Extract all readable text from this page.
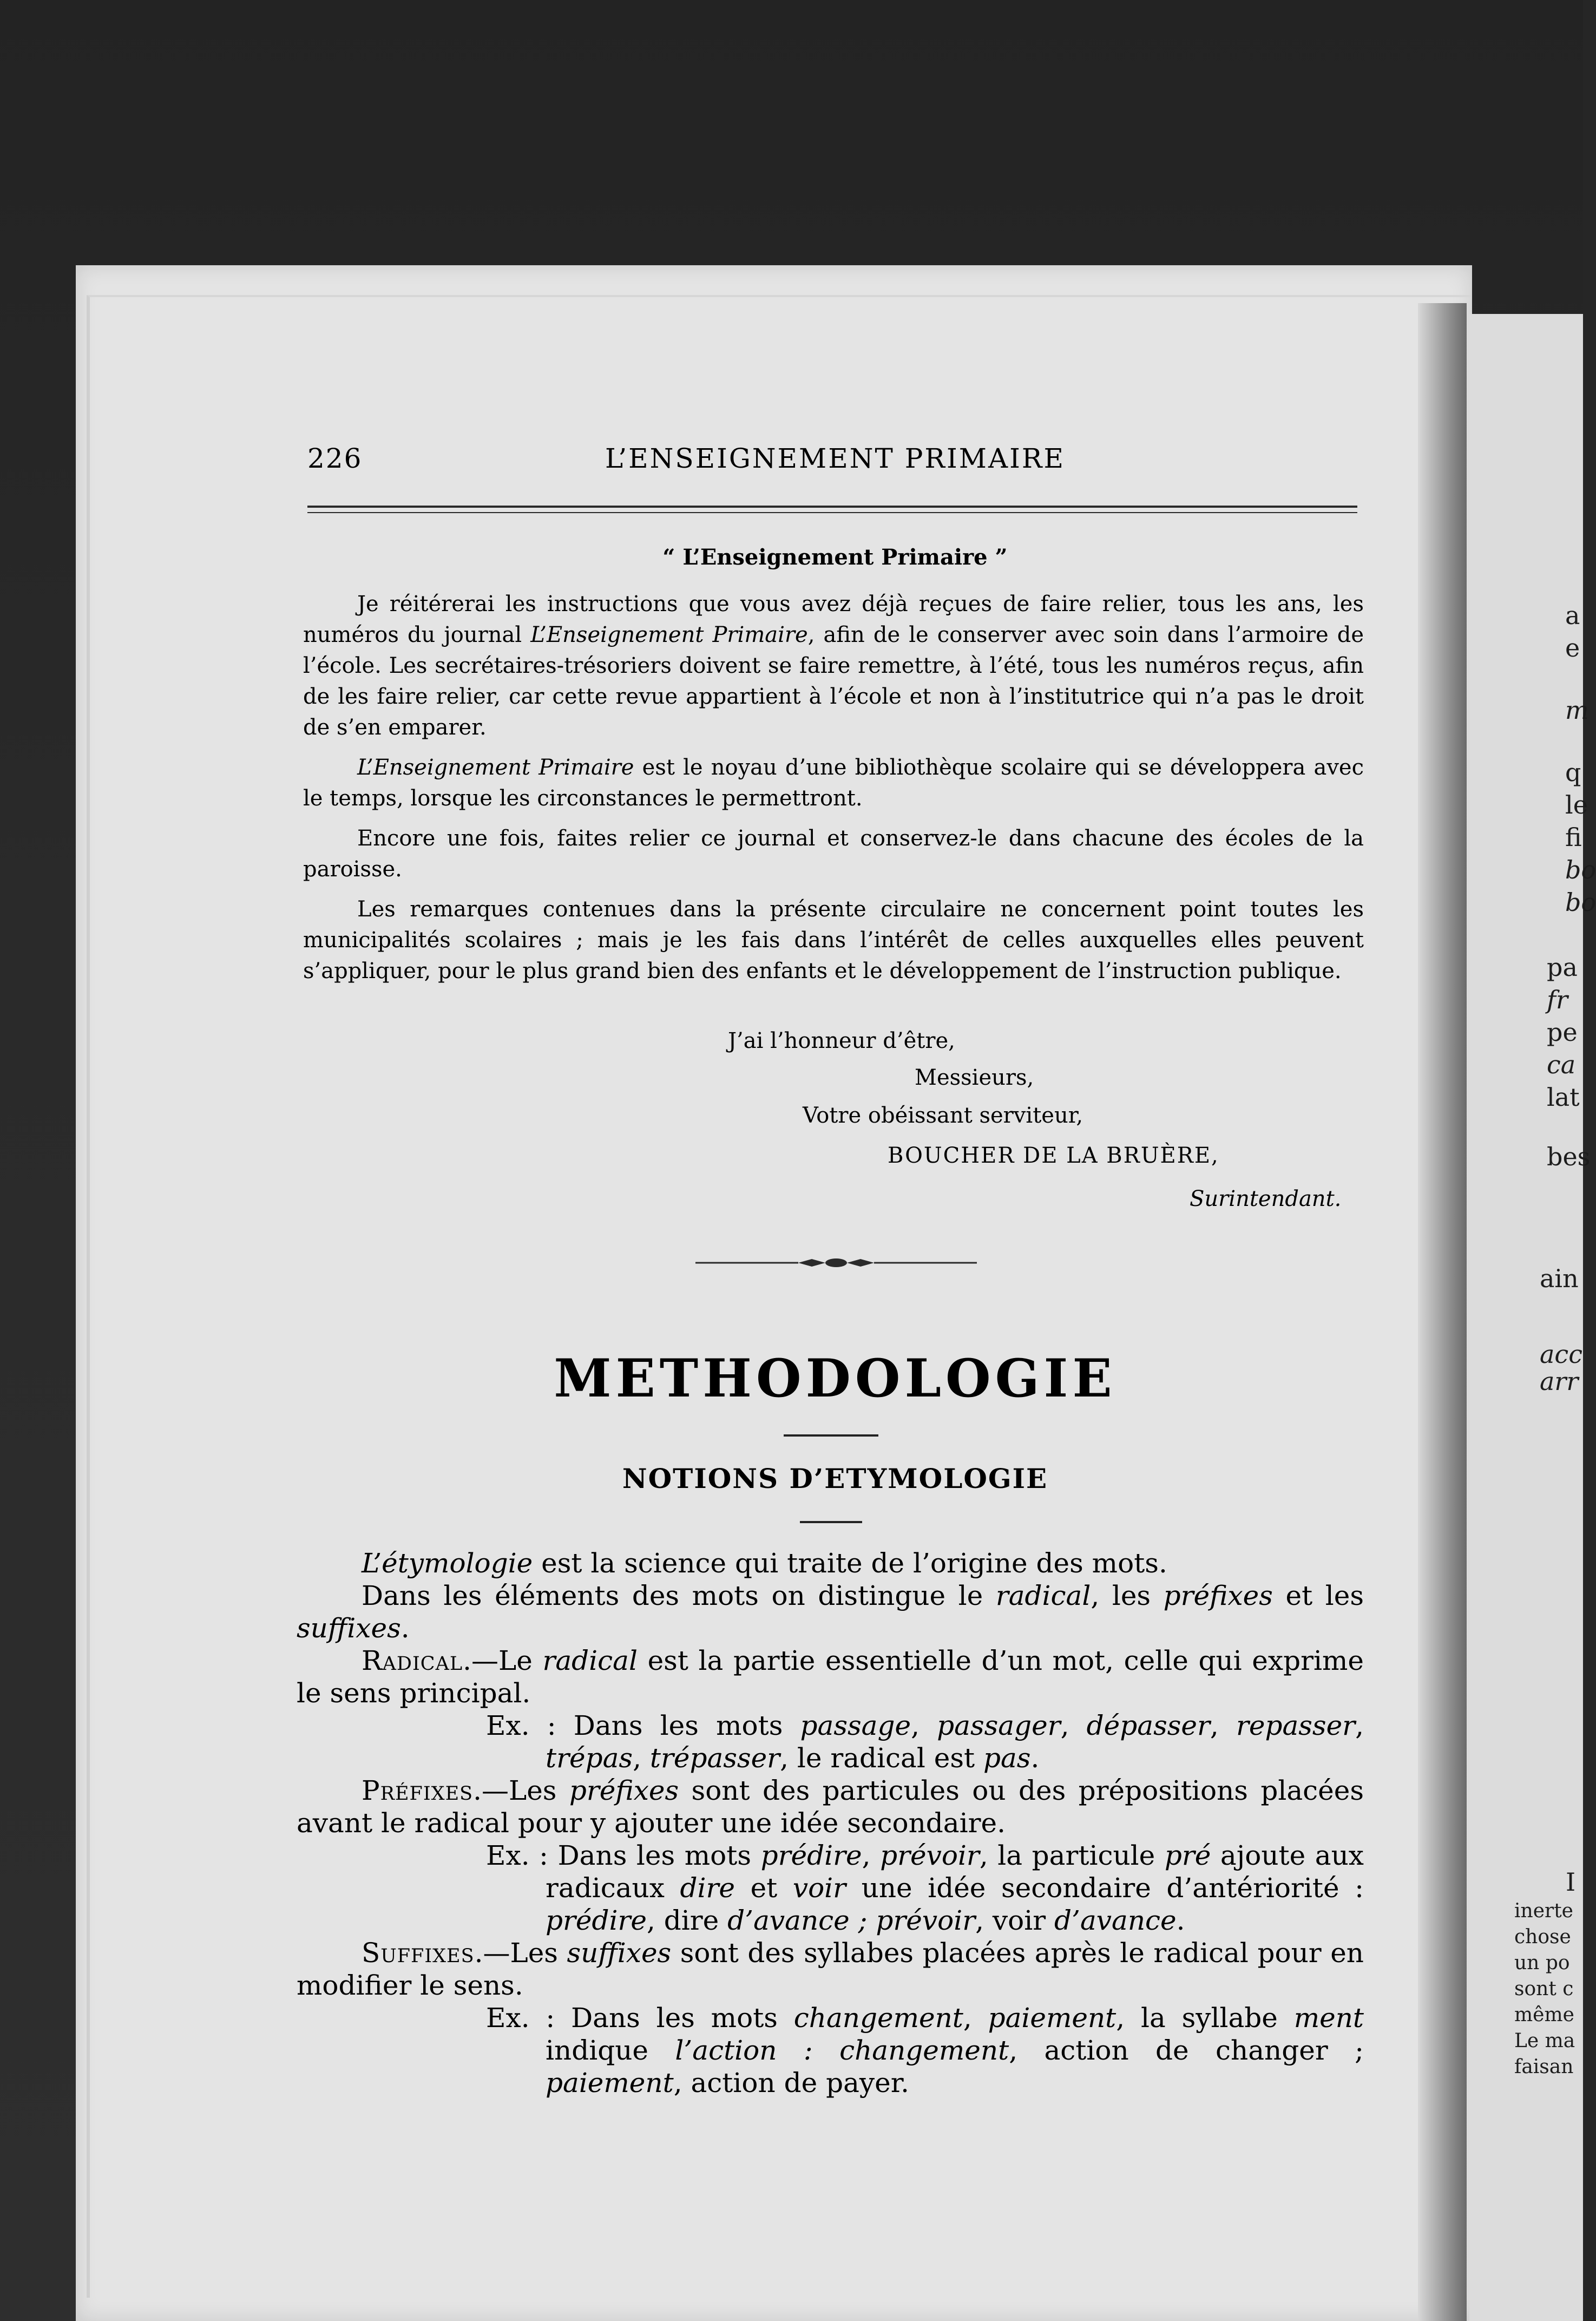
226	L’ENSEIGNEMENT PRIMAIRE
“ L’Enseignement Primaire ”

Je réitérerai les instructions que vous avez déjà reçues de faire relier, tous les ans, les numéros du journal L’Enseignement Primaire, afin de le conserver avec soin dans l’armoire de l’école. Les secrétaires-trésoriers doivent se faire remettre, à l’été, tous les numéros reçus, afin de les faire relier, car cette revue appartient à l’école et non à l’institutrice qui n’a pas le droit de s’en emparer.

L’Enseignement Primaire est le noyau d’une bibliothèque scolaire qui se développera avec le temps, lorsque les circonstances le permettront.

Encore une fois, faites relier ce journal et conservez-le dans chacune des écoles de la paroisse.

Les remarques contenues dans la présente circulaire ne concernent point toutes les municipalités scolaires ; mais je les fais dans l’intérêt de celles auxquelles elles peuvent s’appliquer, pour le plus grand bien des enfants et le développement de l’instruction publique.

J’ai l’honneur d’être,
Messieurs,
Votre obéissant serviteur,
BOUCHER DE LA BRUÈRE,
Surintendant.
METHODOLOGIE
NOTIONS D’ETYMOLOGIE

L’étymologie est la science qui traite de l’origine des mots.

Dans les éléments des mots on distingue le radical, les préfixes et les suffixes.

Radical.—Le radical est la partie essentielle d’un mot, celle qui exprime le sens principal.

Ex. : Dans les mots passage, passager, dépasser, repasser, trépas, trépasser, le radical est pas.

Préfixes.—Les préfixes sont des particules ou des prépositions placées avant le radical pour y ajouter une idée secondaire.

Ex. : Dans les mots prédire, prévoir, la particule pré ajoute aux radicaux dire et voir une idée secondaire d’antériorité : prédire, dire d’avance ; prévoir, voir d’avance.

Suffixes.—Les suffixes sont des syllabes placées après le radical pour en modifier le sens.

Ex. : Dans les mots changement, paiement, la syllabe ment indique l’action : changement, action de changer ; paiement, action de payer.

a
e
m
q
le
fi
bo
bo
pa
fr
pe
ca
lat
bes
ain
acc
arr
I
inerte
chose
un po
sont c
même
Le ma
faisan
